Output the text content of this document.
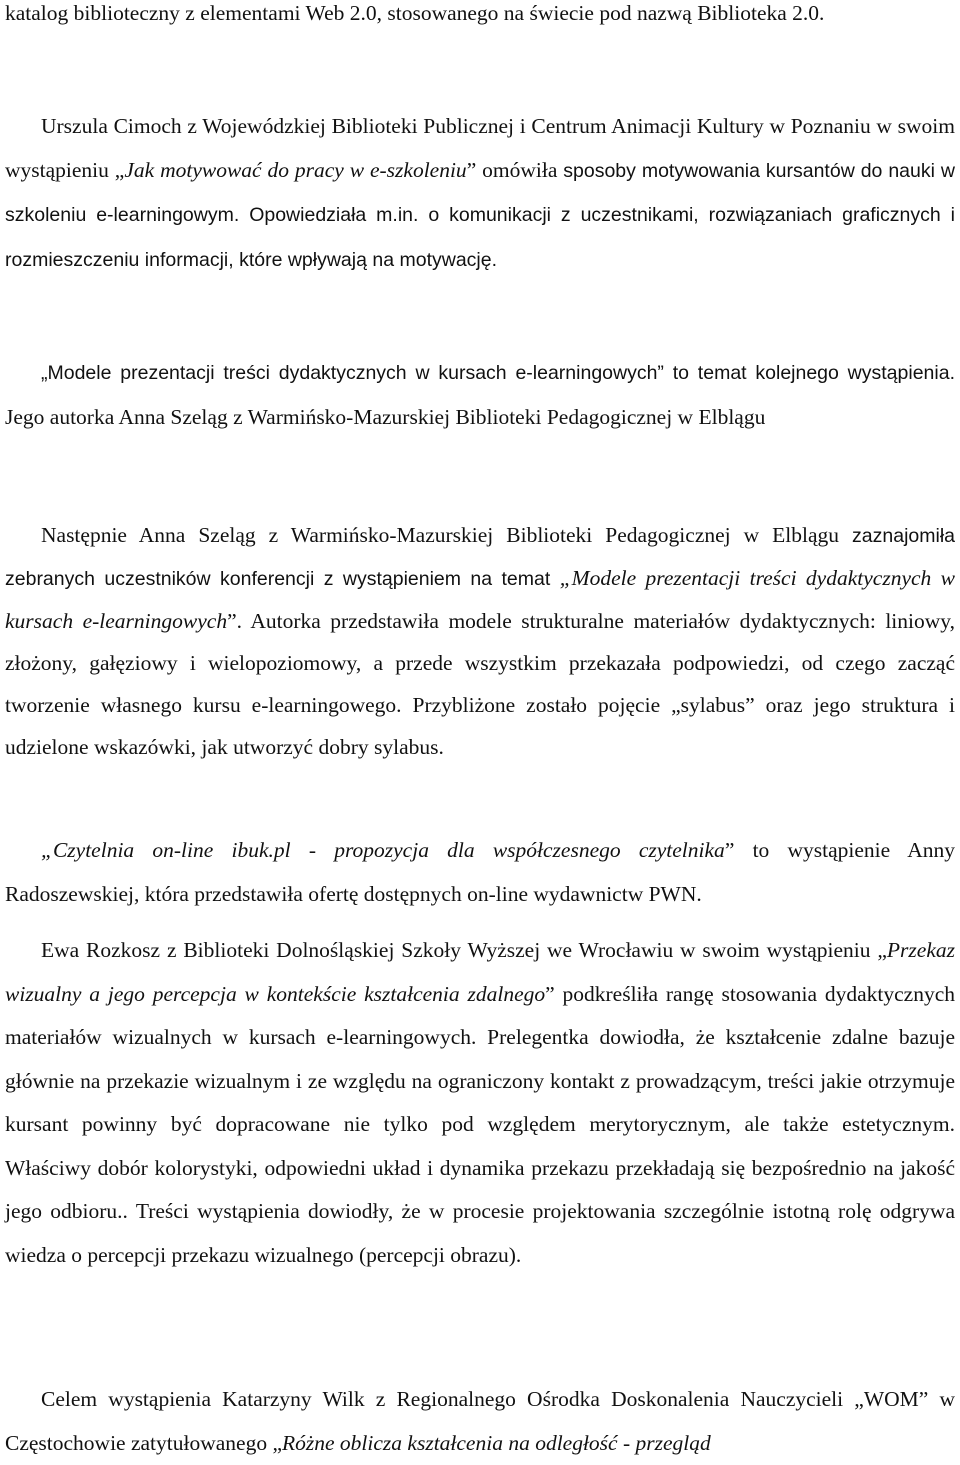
katalog biblioteczny z elementami Web 2.0, stosowanego na świecie pod nazwą Biblioteka 2.0.

Urszula Cimoch z Wojewódzkiej Biblioteki Publicznej i Centrum Animacji Kultury w Poznaniu w swoim wystąpieniu „Jak motywować do pracy w e-szkoleniu” omówiła sposoby motywowania kursantów do nauki w szkoleniu e-learningowym. Opowiedziała m.in. o komunikacji z uczestnikami, rozwiązaniach graficznych i rozmieszczeniu informacji, które wpływają na motywację.

„Modele prezentacji treści dydaktycznych w kursach e-learningowych” to temat kolejnego wystąpienia. Jego autorka Anna Szeląg z Warmińsko-Mazurskiej Biblioteki Pedagogicznej w Elblągu

Następnie Anna Szeląg z Warmińsko-Mazurskiej Biblioteki Pedagogicznej w Elblągu zaznajomiła zebranych uczestników konferencji z wystąpieniem na temat „Modele prezentacji treści dydaktycznych w kursach e-learningowych”. Autorka przedstawiła modele strukturalne materiałów dydaktycznych: liniowy, złożony, gałęziowy i wielopoziomowy, a przede wszystkim przekazała podpowiedzi, od czego zacząć tworzenie własnego kursu e-learningowego. Przybliżone zostało pojęcie „sylabus” oraz jego struktura i udzielone wskazówki, jak utworzyć dobry sylabus.

„Czytelnia on-line ibuk.pl - propozycja dla współczesnego czytelnika” to wystąpienie Anny Radoszewskiej, która przedstawiła ofertę dostępnych on-line wydawnictw PWN.

Ewa Rozkosz z Biblioteki Dolnośląskiej Szkoły Wyższej we Wrocławiu w swoim wystąpieniu „Przekaz wizualny a jego percepcja w kontekście kształcenia zdalnego” podkreśliła rangę stosowania dydaktycznych materiałów wizualnych w kursach e-learningowych. Prelegentka dowiodła, że kształcenie zdalne bazuje głównie na przekazie wizualnym i ze względu na ograniczony kontakt z prowadzącym, treści jakie otrzymuje kursant powinny być dopracowane nie tylko pod względem merytorycznym, ale także estetycznym. Właściwy dobór kolorystyki, odpowiedni układ i dynamika przekazu przekładają się bezpośrednio na jakość jego odbioru.. Treści wystąpienia dowiodły, że w procesie projektowania szczególnie istotną rolę odgrywa wiedza o percepcji przekazu wizualnego (percepcji obrazu).

Celem wystąpienia Katarzyny Wilk z Regionalnego Ośrodka Doskonalenia Nauczycieli „WOM” w Częstochowie zatytułowanego „Różne oblicza kształcenia na odległość - przegląd
